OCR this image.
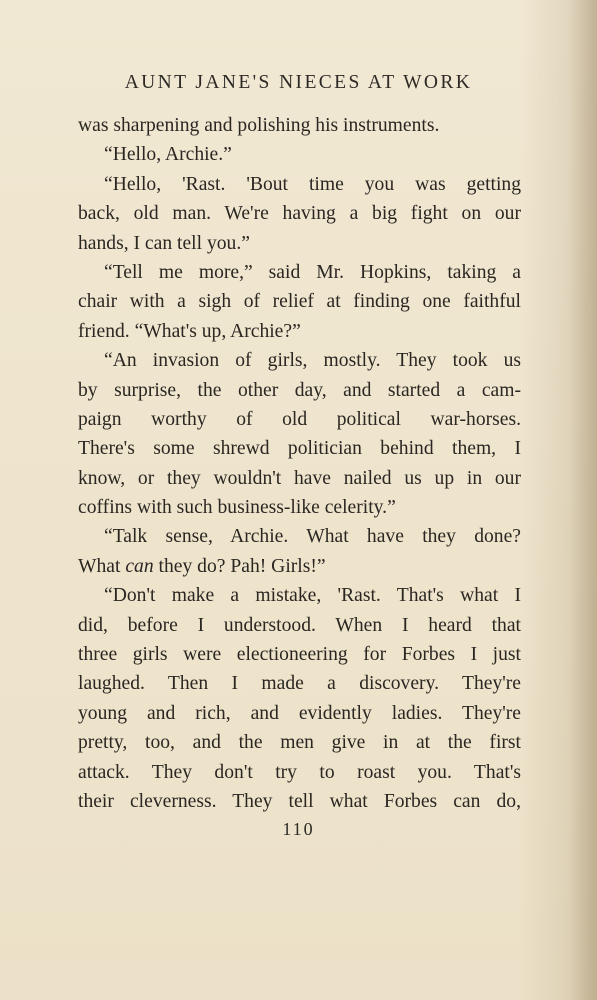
AUNT JANE'S NIECES AT WORK
was sharpening and polishing his instruments.
“Hello, Archie.”
“Hello, 'Rast. 'Bout time you was getting
back, old man. We're having a big fight on our
hands, I can tell you.”
“Tell me more,” said Mr. Hopkins, taking a
chair with a sigh of relief at finding one faithful
friend. “What's up, Archie?”
“An invasion of girls, mostly. They took us
by surprise, the other day, and started a cam-
paign worthy of old political war-horses.
There's some shrewd politician behind them, I
know, or they wouldn't have nailed us up in our
coffins with such business-like celerity.”
“Talk sense, Archie. What have they done?
What can they do? Pah! Girls!”
“Don't make a mistake, 'Rast. That's what I
did, before I understood. When I heard that
three girls were electioneering for Forbes I just
laughed. Then I made a discovery. They're
young and rich, and evidently ladies. They're
pretty, too, and the men give in at the first
attack. They don't try to roast you. That's
their cleverness. They tell what Forbes can do,
110
